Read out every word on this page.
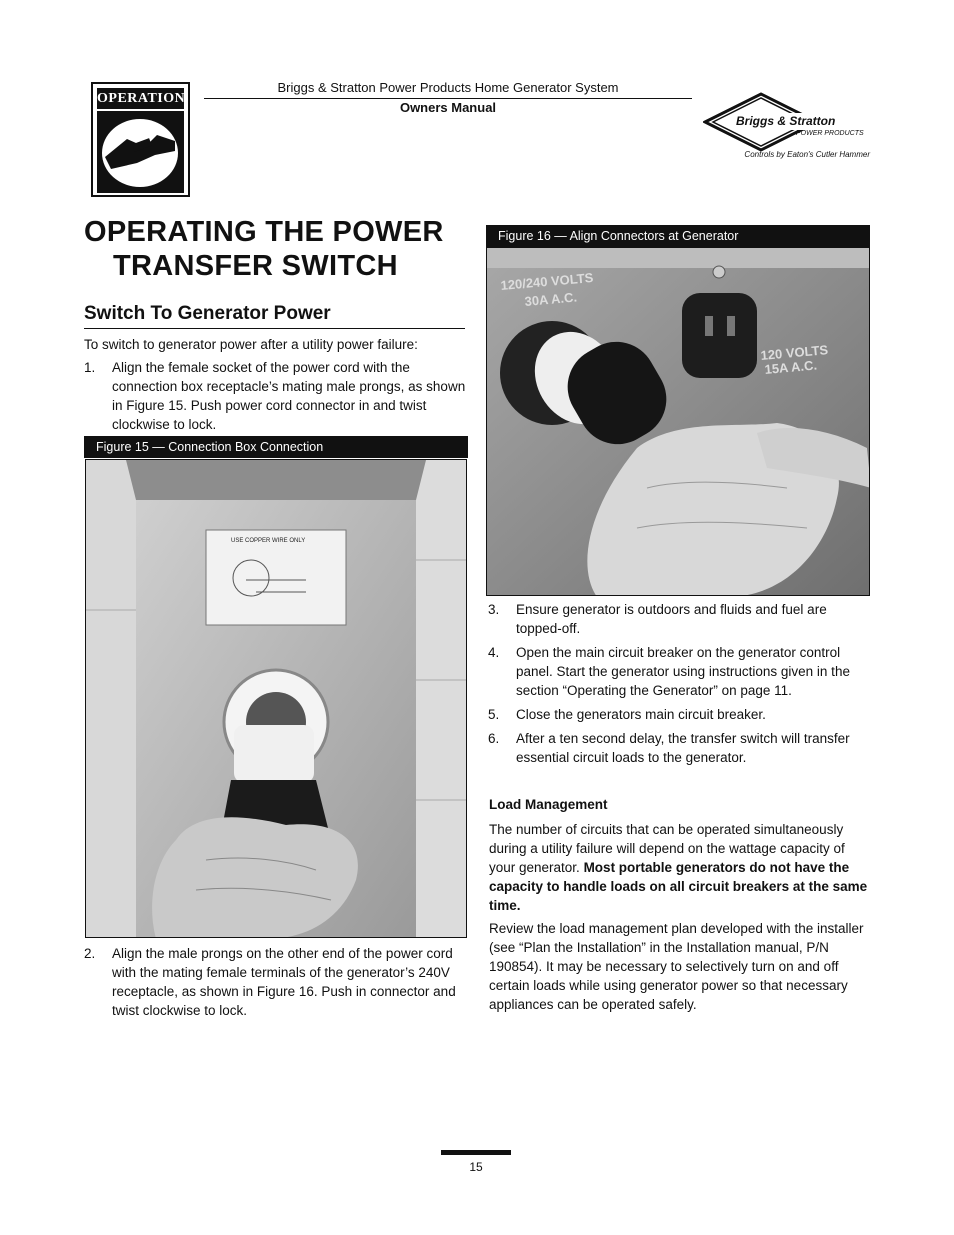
OPERATION
Briggs & Stratton Power Products Home Generator System
Owners Manual
Briggs & Stratton
POWER PRODUCTS
Controls by Eaton's Cutler Hammer
OPERATING THE POWER
TRANSFER SWITCH
Switch To Generator Power
To switch to generator power after a utility power failure:
1.	Align the female socket of the power cord with the connection box receptacle’s mating male prongs, as shown in Figure 15. Push power cord connector in and twist clockwise to lock.
Figure 15 — Connection Box Connection
USE COPPER WIRE ONLY
2.	Align the male prongs on the other end of the power cord with the mating female terminals of the generator’s 240V receptacle, as shown in Figure 16. Push in connector and twist clockwise to lock.
Figure 16 — Align Connectors at Generator
120/240 VOLTS
30A A.C.
120 VOLTS
15A A.C.
3.	Ensure generator is outdoors and fluids and fuel are topped-off.
4.	Open the main circuit breaker on the generator control panel. Start the generator using instructions given in the section “Operating the Generator” on page 11.
5.	Close the generators main circuit breaker.
6.	After a ten second delay, the transfer switch will transfer essential circuit loads to the generator.
Load Management
The number of circuits that can be operated simultaneously during a utility failure will depend on the wattage capacity of your generator. Most portable generators do not have the capacity to handle loads on all circuit breakers at the same time.
Review the load management plan developed with the installer (see “Plan the Installation” in the Installation manual, P/N 190854). It may be necessary to selectively turn on and off certain loads while using generator power so that necessary appliances can be operated safely.
15
